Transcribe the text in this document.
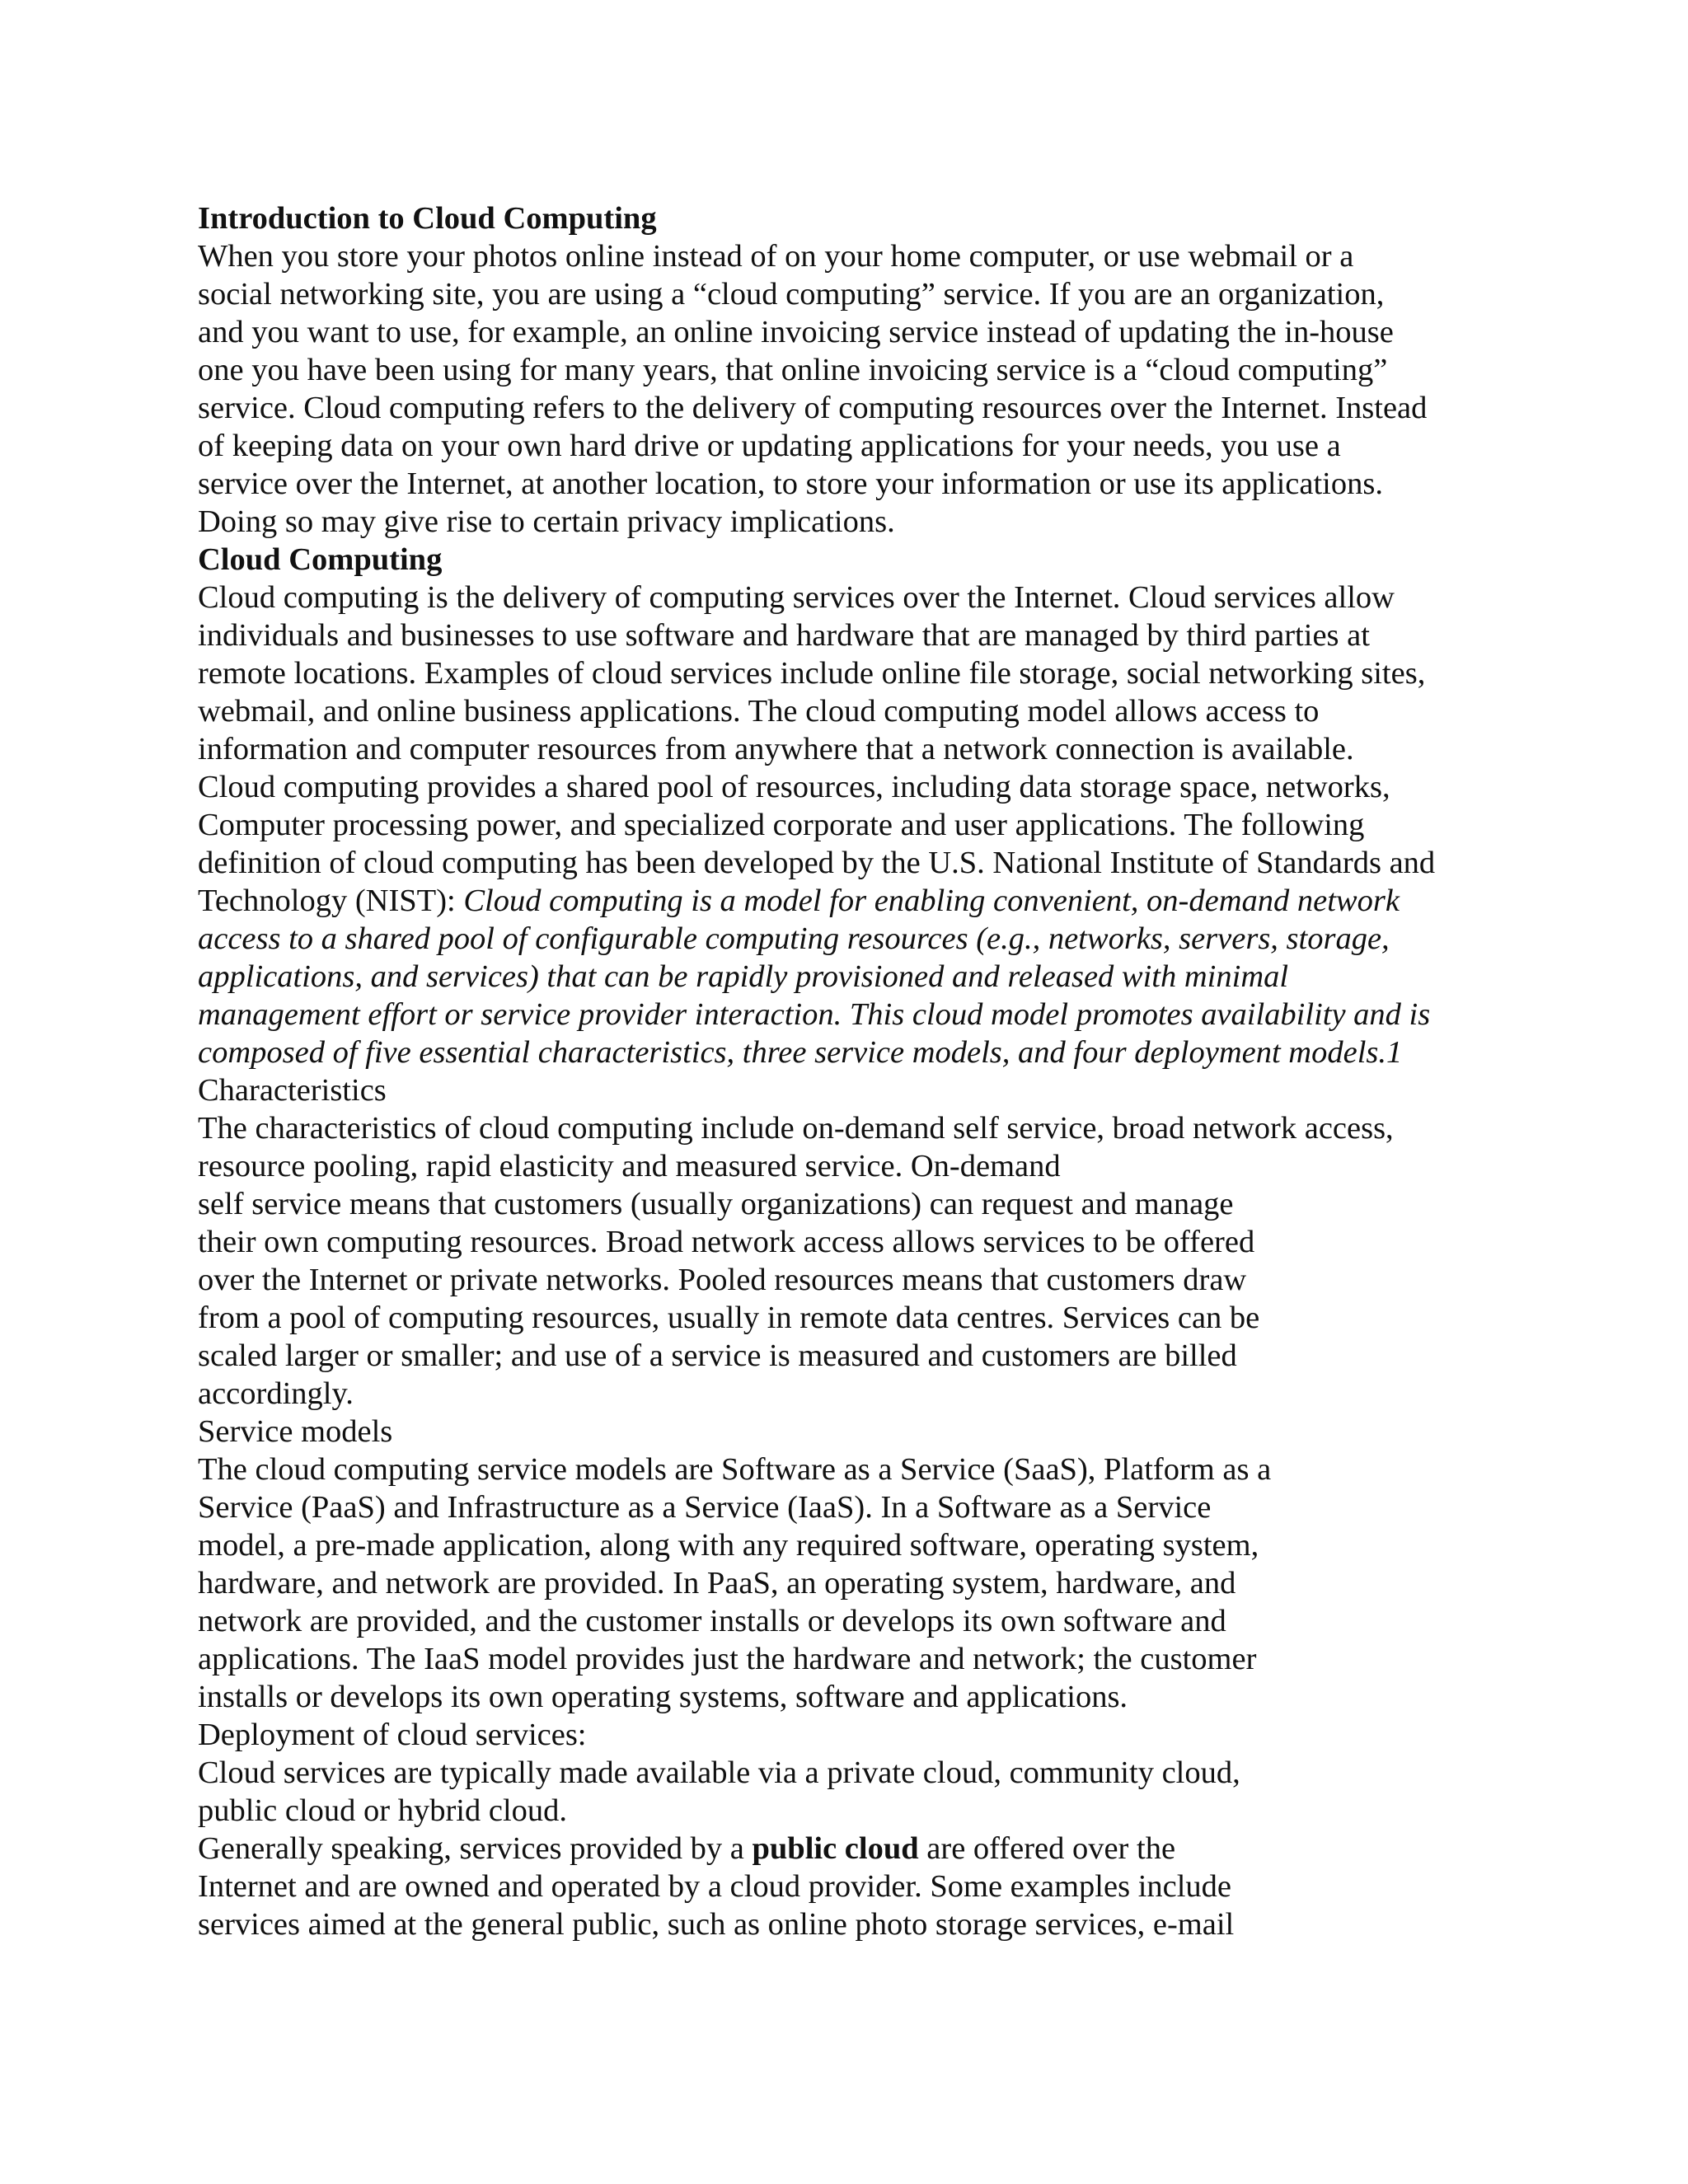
Introduction to Cloud Computing
When you store your photos online instead of on your home computer, or use webmail or a
social networking site, you are using a “cloud computing” service. If you are an organization,
and you want to use, for example, an online invoicing service instead of updating the in-house
one you have been using for many years, that online invoicing service is a “cloud computing”
service. Cloud computing refers to the delivery of computing resources over the Internet. Instead
of keeping data on your own hard drive or updating applications for your needs, you use a
service over the Internet, at another location, to store your information or use its applications.
Doing so may give rise to certain privacy implications.
Cloud Computing
Cloud computing is the delivery of computing services over the Internet. Cloud services allow
individuals and businesses to use software and hardware that are managed by third parties at
remote locations. Examples of cloud services include online file storage, social networking sites,
webmail, and online business applications. The cloud computing model allows access to
information and computer resources from anywhere that a network connection is available.
Cloud computing provides a shared pool of resources, including data storage space, networks,
Computer processing power, and specialized corporate and user applications. The following
definition of cloud computing has been developed by the U.S. National Institute of Standards and
Technology (NIST): Cloud computing is a model for enabling convenient, on-demand network
access to a shared pool of configurable computing resources (e.g., networks, servers, storage,
applications, and services) that can be rapidly provisioned and released with minimal
management effort or service provider interaction. This cloud model promotes availability and is
composed of five essential characteristics, three service models, and four deployment models.1
Characteristics
The characteristics of cloud computing include on-demand self service, broad network access,
resource pooling, rapid elasticity and measured service. On-demand
self service means that customers (usually organizations) can request and manage
their own computing resources. Broad network access allows services to be offered
over the Internet or private networks. Pooled resources means that customers draw
from a pool of computing resources, usually in remote data centres. Services can be
scaled larger or smaller; and use of a service is measured and customers are billed
accordingly.
Service models
The cloud computing service models are Software as a Service (SaaS), Platform as a
Service (PaaS) and Infrastructure as a Service (IaaS). In a Software as a Service
model, a pre-made application, along with any required software, operating system,
hardware, and network are provided. In PaaS, an operating system, hardware, and
network are provided, and the customer installs or develops its own software and
applications. The IaaS model provides just the hardware and network; the customer
installs or develops its own operating systems, software and applications.
Deployment of cloud services:
Cloud services are typically made available via a private cloud, community cloud,
public cloud or hybrid cloud.
Generally speaking, services provided by a public cloud are offered over the
Internet and are owned and operated by a cloud provider. Some examples include
services aimed at the general public, such as online photo storage services, e-mail
